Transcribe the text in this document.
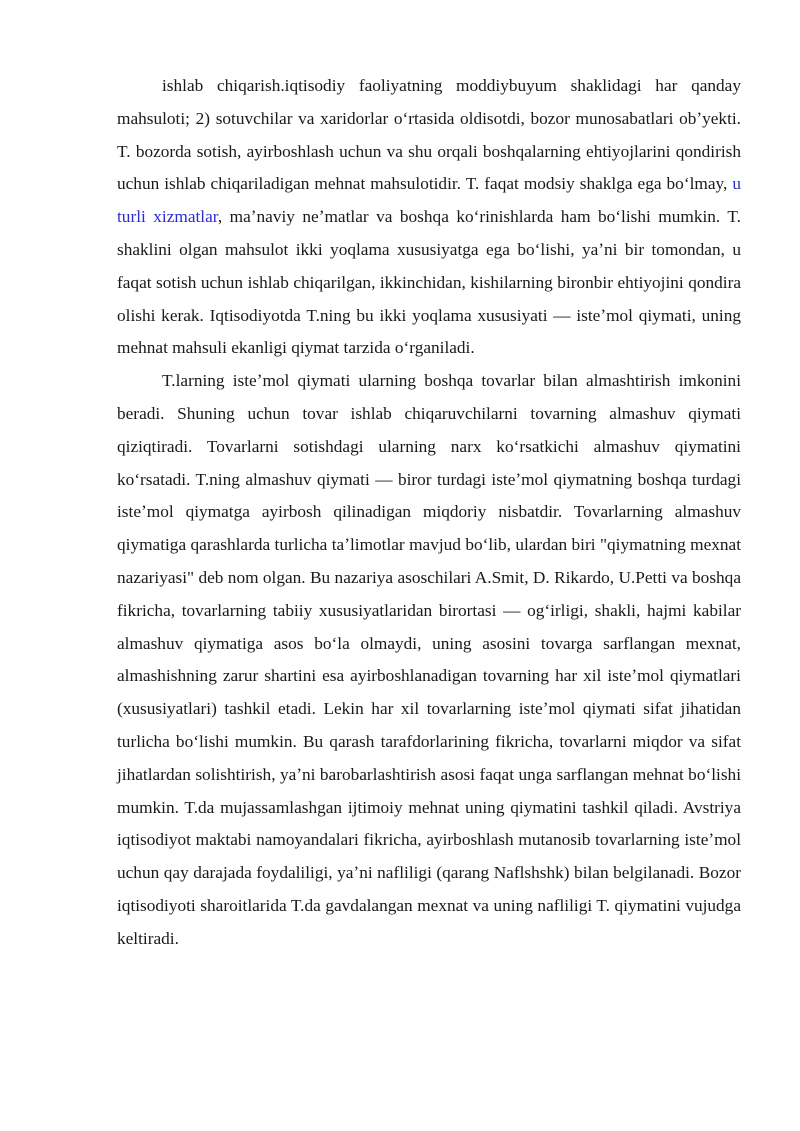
ishlab chiqarish.iqtisodiy faoliyatning moddiybuyum shaklidagi har qanday mahsuloti; 2) sotuvchilar va xaridorlar oʻrtasida oldisotdi, bozor munosabatlari obʼyekti. T. bozorda sotish, ayirboshlash uchun va shu orqali boshqalarning ehtiyojlarini qondirish uchun ishlab chiqariladigan mehnat mahsulotidir. T. faqat modsiy shaklga ega boʻlmay, u turli xizmatlar, maʼnaviy neʼmatlar va boshqa koʻrinishlarda ham boʻlishi mumkin. T. shaklini olgan mahsulot ikki yoqlama xususiyatga ega boʻlishi, yaʼni bir tomondan, u faqat sotish uchun ishlab chiqarilgan, ikkinchidan, kishilarning bironbir ehtiyojini qondira olishi kerak. Iqtisodiyotda T.ning bu ikki yoqlama xususiyati — isteʼmol qiymati, uning mehnat mahsuli ekanligi qiymat tarzida oʻrganiladi.

T.larning isteʼmol qiymati ularning boshqa tovarlar bilan almashtirish imkonini beradi. Shuning uchun tovar ishlab chiqaruvchilarni tovarning almashuv qiymati qiziqtiradi. Tovarlarni sotishdagi ularning narx koʻrsatkichi almashuv qiymatini koʻrsatadi. T.ning almashuv qiymati — biror turdagi isteʼmol qiymatning boshqa turdagi isteʼmol qiymatga ayirbosh qilinadigan miqdoriy nisbatdir. Tovarlarning almashuv qiymatiga qarashlarda turlicha taʼlimotlar mavjud boʻlib, ulardan biri "qiymatning mexnat nazariyasi" deb nom olgan. Bu nazariya asoschilari A.Smit, D. Rikardo, U.Petti va boshqa fikricha, tovarlarning tabiiy xususiyatlaridan birortasi — ogʻirligi, shakli, hajmi kabilar almashuv qiymatiga asos boʻla olmaydi, uning asosini tovarga sarflangan mexnat, almashishning zarur shartini esa ayirboshlanadigan tovarning har xil isteʼmol qiymatlari (xususiyatlari) tashkil etadi. Lekin har xil tovarlarning isteʼmol qiymati sifat jihatidan turlicha boʻlishi mumkin. Bu qarash tarafdorlarining fikricha, tovarlarni miqdor va sifat jihatlardan solishtirish, yaʼni barobarlashtirish asosi faqat unga sarflangan mehnat boʻlishi mumkin. T.da mujassamlashgan ijtimoiy mehnat uning qiymatini tashkil qiladi. Avstriya iqtisodiyot maktabi namoyandalari fikricha, ayirboshlash mutanosib tovarlarning isteʼmol uchun qay darajada foydaliligi, yaʼni nafliligi (qarang Naflshshk) bilan belgilanadi. Bozor iqtisodiyoti sharoitlarida T.da gavdalangan mexnat va uning nafliligi T. qiymatini vujudga keltiradi.
